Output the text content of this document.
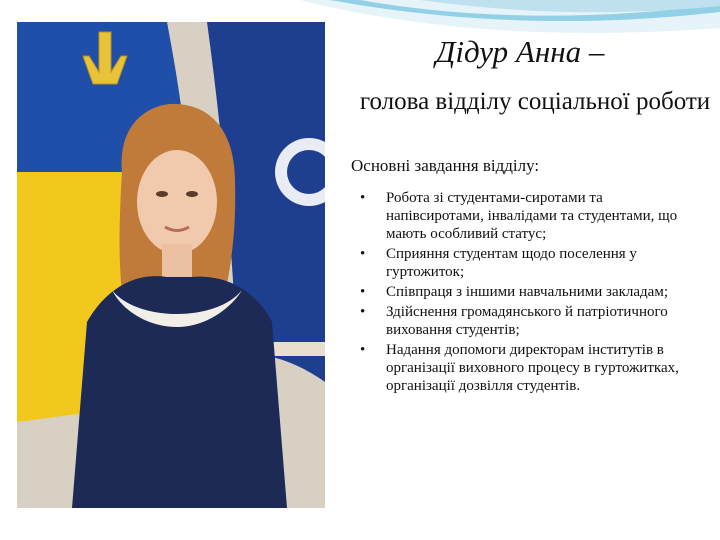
Дідур Анна –
голова відділу соціальної роботи
Основні завдання відділу:
• Робота зі студентами-сиротами та напівсиротами, інвалідами та студентами, що мають особливий статус;
• Сприяння студентам щодо поселення у гуртожиток;
• Співпраця з іншими навчальними закладам;
• Здійснення громадянського й патріотичного виховання студентів;
• Надання допомоги директорам інститутів в організації виховного процесу в гуртожитках, організації дозвілля студентів.
